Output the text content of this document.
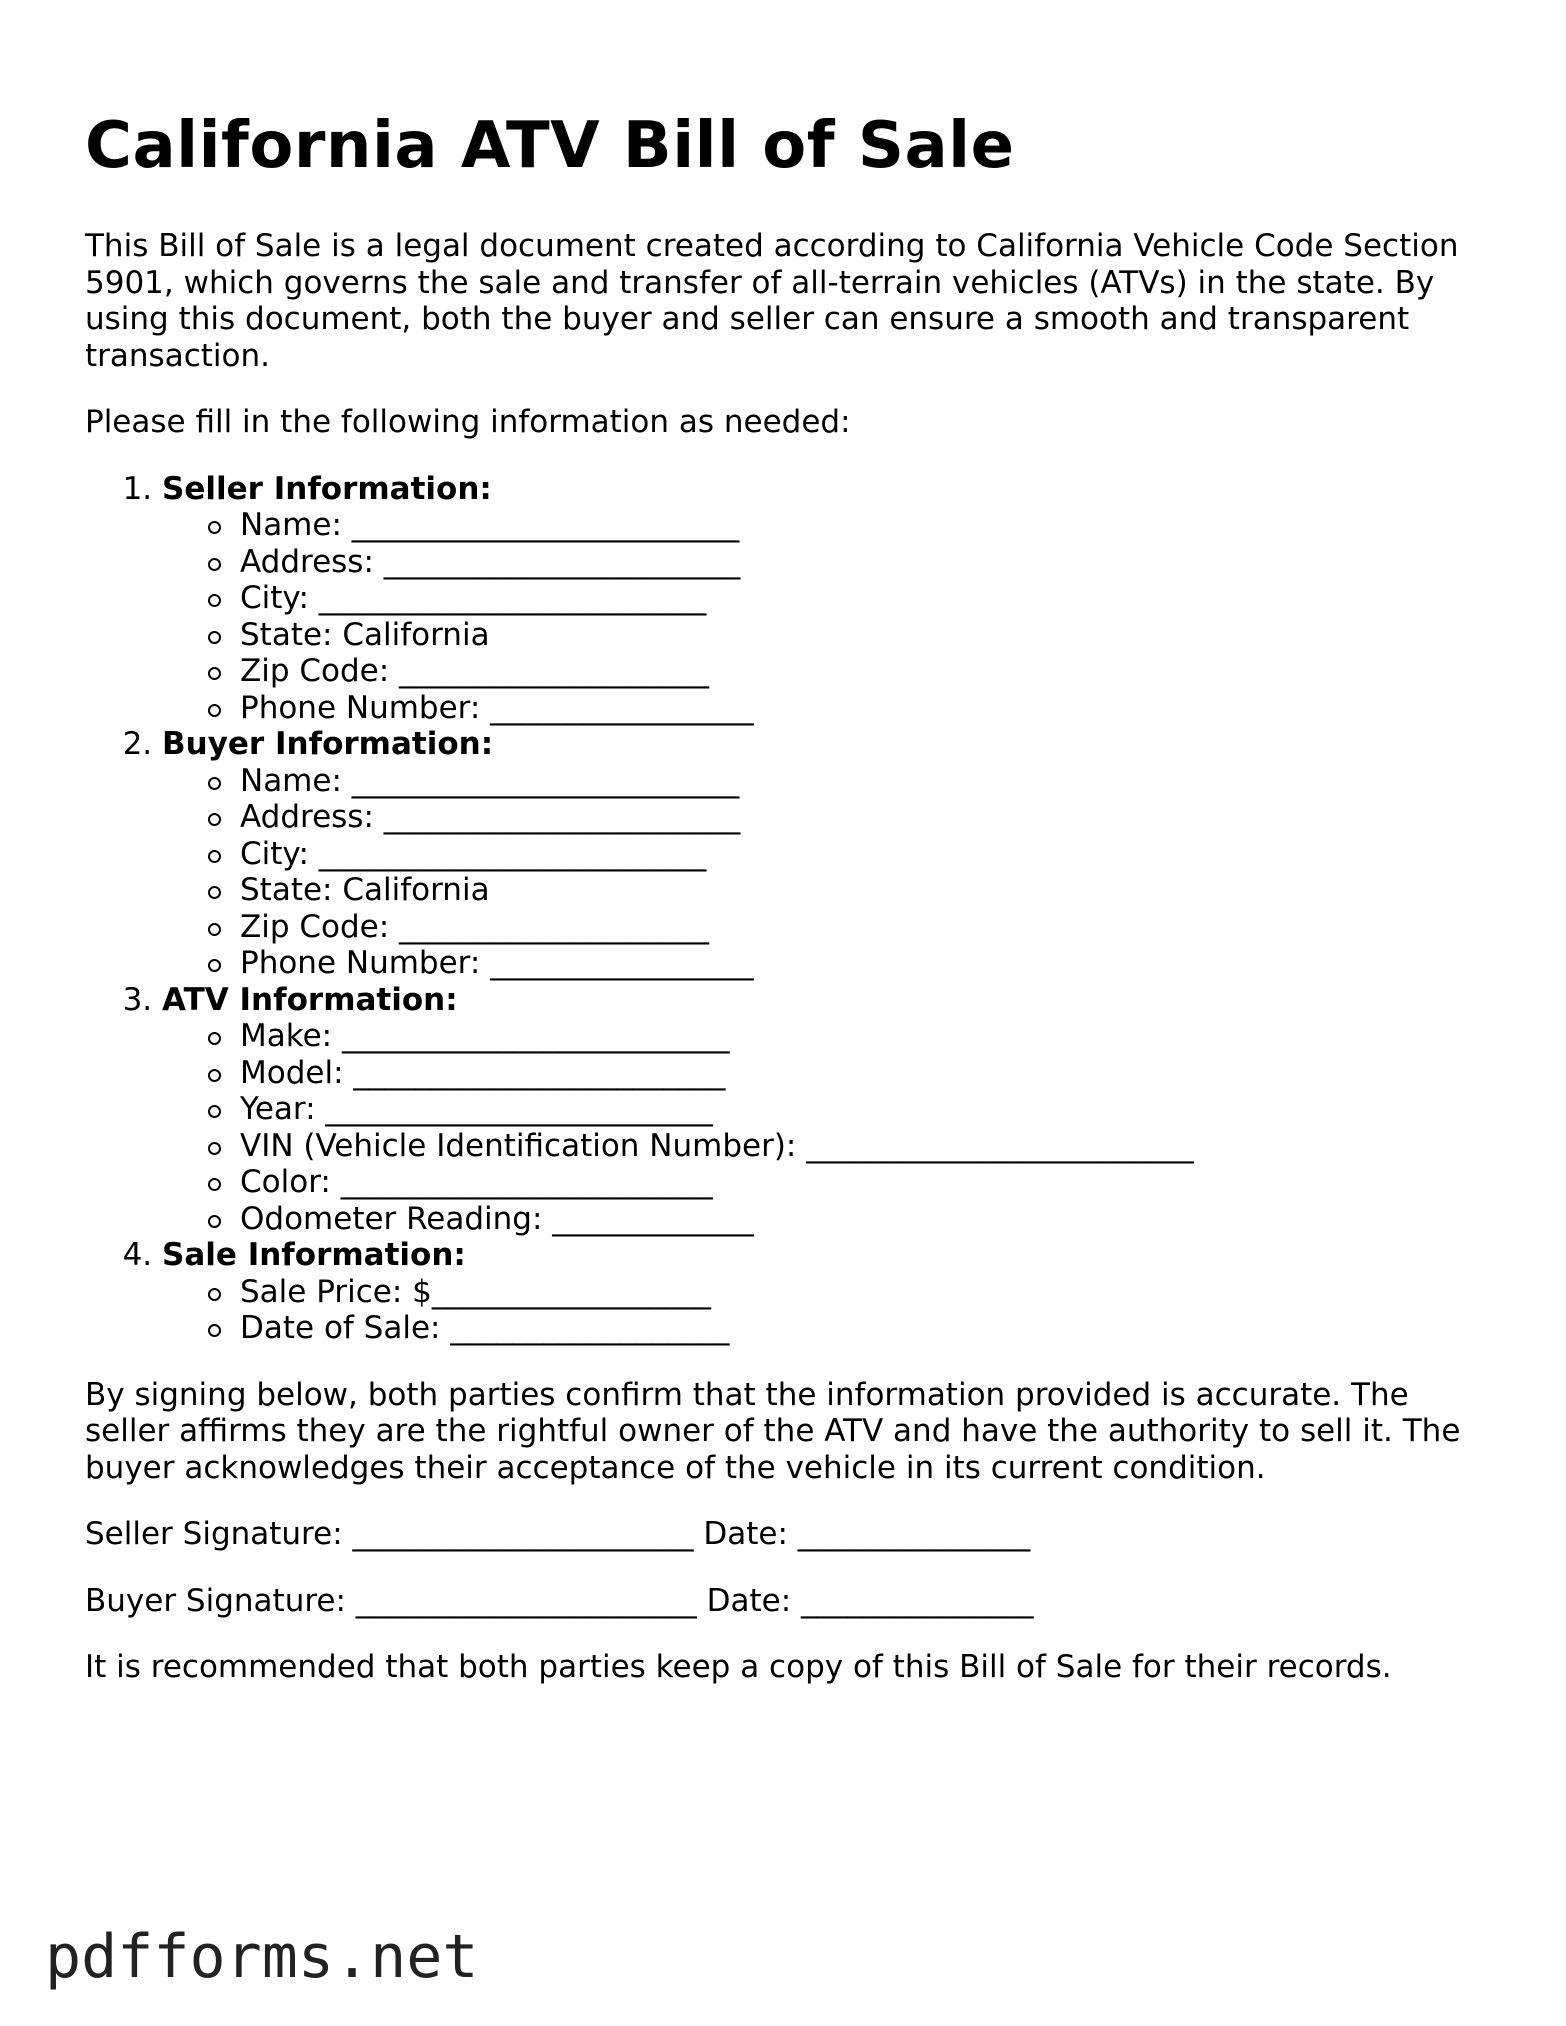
California ATV Bill of Sale

This Bill of Sale is a legal document created according to California Vehicle Code Section 5901, which governs the sale and transfer of all-terrain vehicles (ATVs) in the state. By using this document, both the buyer and seller can ensure a smooth and transparent transaction.

Please fill in the following information as needed:

1. Seller Information:
Name: _________________________
Address: _______________________
City: _________________________
State: California
Zip Code: ____________________
Phone Number: _________________
2. Buyer Information:
Name: _________________________
Address: _______________________
City: _________________________
State: California
Zip Code: ____________________
Phone Number: _________________
3. ATV Information:
Make: _________________________
Model: ________________________
Year: _________________________
VIN (Vehicle Identification Number): _________________________
Color: ________________________
Odometer Reading: _____________
4. Sale Information:
Sale Price: $__________________
Date of Sale: __________________

By signing below, both parties confirm that the information provided is accurate. The seller affirms they are the rightful owner of the ATV and have the authority to sell it. The buyer acknowledges their acceptance of the vehicle in its current condition.

Seller Signature: ______________________ Date: _______________

Buyer Signature: ______________________ Date: _______________

It is recommended that both parties keep a copy of this Bill of Sale for their records.

pdfforms.net
